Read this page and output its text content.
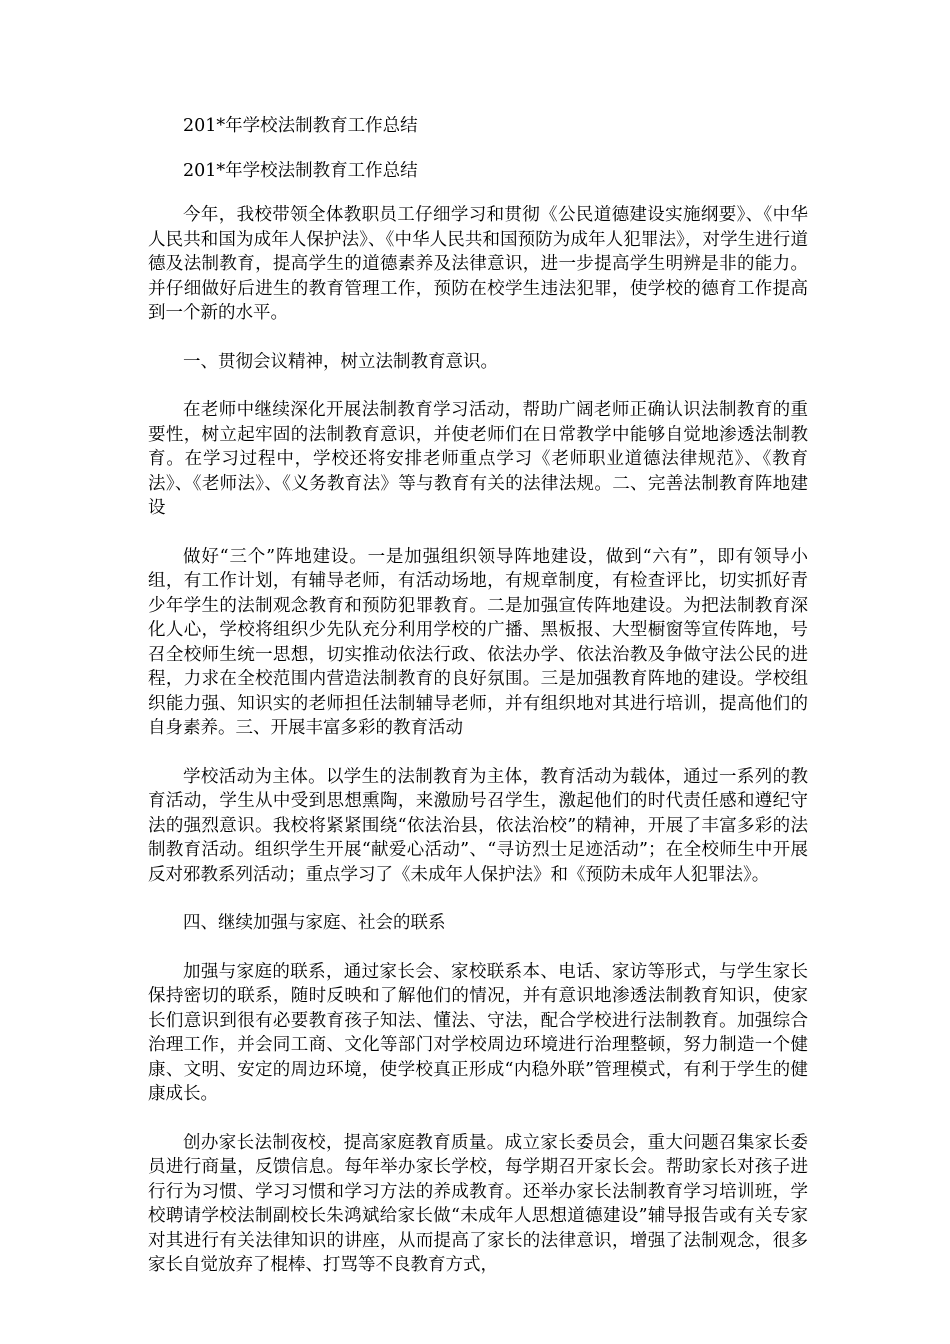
201*年学校法制教育工作总结

201*年学校法制教育工作总结

今年，我校带领全体教职员工仔细学习和贯彻《公民道德建设实施纲要》、《中华人民共和国为成年人保护法》、《中华人民共和国预防为成年人犯罪法》，对学生进行道德及法制教育，提高学生的道德素养及法律意识，进一步提高学生明辨是非的能力。并仔细做好后进生的教育管理工作，预防在校学生违法犯罪，使学校的德育工作提高到一个新的水平。

一、贯彻会议精神，树立法制教育意识。

在老师中继续深化开展法制教育学习活动，帮助广阔老师正确认识法制教育的重要性，树立起牢固的法制教育意识，并使老师们在日常教学中能够自觉地渗透法制教育。在学习过程中，学校还将安排老师重点学习《老师职业道德法律规范》、《教育法》、《老师法》、《义务教育法》等与教育有关的法律法规。二、完善法制教育阵地建设

做好“三个”阵地建设。一是加强组织领导阵地建设，做到“六有”，即有领导小组，有工作计划，有辅导老师，有活动场地，有规章制度，有检查评比，切实抓好青少年学生的法制观念教育和预防犯罪教育。二是加强宣传阵地建设。为把法制教育深化人心，学校将组织少先队充分利用学校的广播、黑板报、大型橱窗等宣传阵地，号召全校师生统一思想，切实推动依法行政、依法办学、依法治教及争做守法公民的进程，力求在全校范围内营造法制教育的良好氛围。三是加强教育阵地的建设。学校组织能力强、知识实的老师担任法制辅导老师，并有组织地对其进行培训，提高他们的自身素养。三、开展丰富多彩的教育活动

学校活动为主体。以学生的法制教育为主体，教育活动为载体，通过一系列的教育活动，学生从中受到思想熏陶，来激励号召学生，激起他们的时代责任感和遵纪守法的强烈意识。我校将紧紧围绕“依法治县，依法治校”的精神，开展了丰富多彩的法制教育活动。组织学生开展“献爱心活动”、“寻访烈士足迹活动”；在全校师生中开展反对邪教系列活动；重点学习了《未成年人保护法》和《预防未成年人犯罪法》。

四、继续加强与家庭、社会的联系

加强与家庭的联系，通过家长会、家校联系本、电话、家访等形式，与学生家长保持密切的联系，随时反映和了解他们的情况，并有意识地渗透法制教育知识，使家长们意识到很有必要教育孩子知法、懂法、守法，配合学校进行法制教育。加强综合治理工作，并会同工商、文化等部门对学校周边环境进行治理整顿，努力制造一个健康、文明、安定的周边环境，使学校真正形成“内稳外联”管理模式，有利于学生的健康成长。

创办家长法制夜校，提高家庭教育质量。成立家长委员会，重大问题召集家长委员进行商量，反馈信息。每年举办家长学校，每学期召开家长会。帮助家长对孩子进行行为习惯、学习习惯和学习方法的养成教育。还举办家长法制教育学习培训班，学校聘请学校法制副校长朱鸿斌给家长做“未成年人思想道德建设”辅导报告或有关专家对其进行有关法律知识的讲座，从而提高了家长的法律意识，增强了法制观念，很多家长自觉放弃了棍棒、打骂等不良教育方式，
